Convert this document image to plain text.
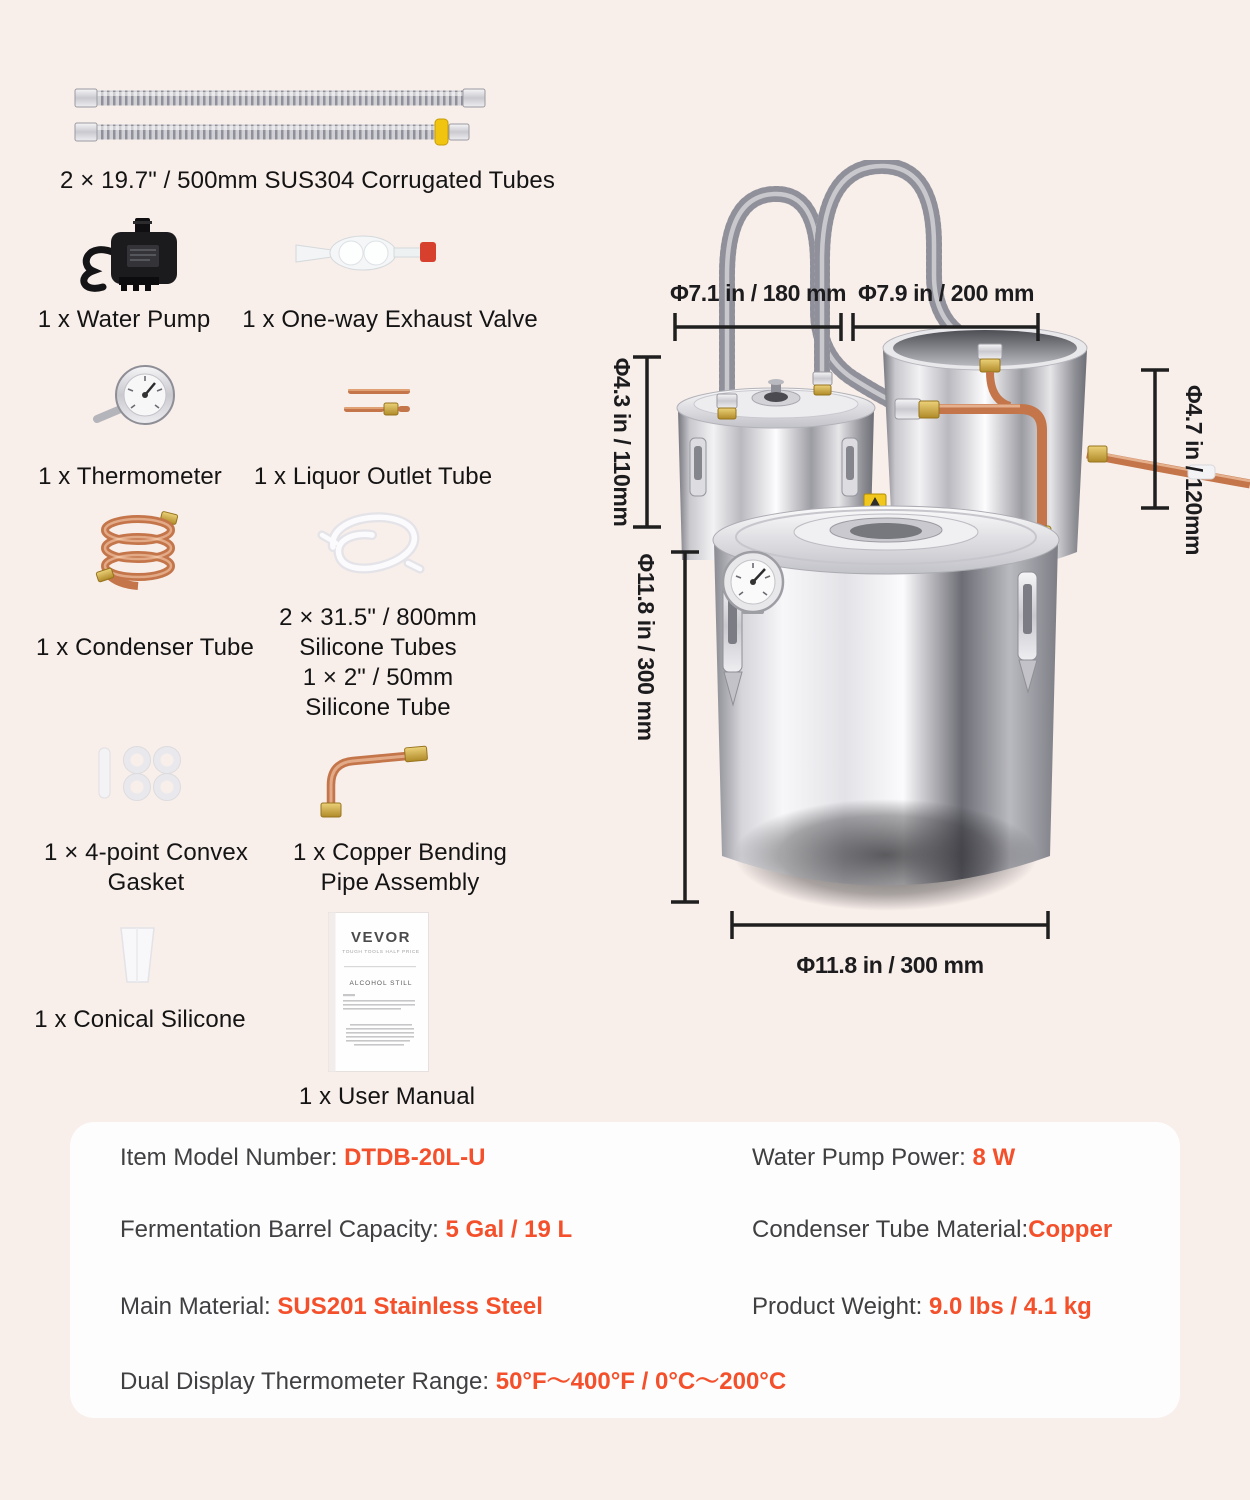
2 × 19.7" / 500mm SUS304 Corrugated Tubes
1 x Water Pump	1 x One-way Exhaust Valve
1 x Thermometer	1 x Liquor Outlet Tube
1 x Condenser Tube
2 × 31.5" / 800mm
Silicone Tubes
1 × 2" / 50mm
Silicone Tube
1 × 4-point Convex
Gasket
1 x Copper Bending
Pipe Assembly
1 x Conical Silicone
VEVOR
TOUGH TOOLS HALF PRICE
ALCOHOL STILL
1 x User Manual
Φ7.1 in / 180 mm Φ7.9 in / 200 mm
Φ4.3 in / 110mm	Φ4.7 in / 120mm
Φ11.8 in / 300 mm
Φ11.8 in / 300 mm
Item Model Number: DTDB-20L-U	Water Pump Power: 8 W
Fermentation Barrel Capacity: 5 Gal / 19 L	Condenser Tube Material:Copper
Main Material: SUS201 Stainless Steel	Product Weight: 9.0 lbs / 4.1 kg
Dual Display Thermometer Range: 50°F～400°F / 0°C～200°C
